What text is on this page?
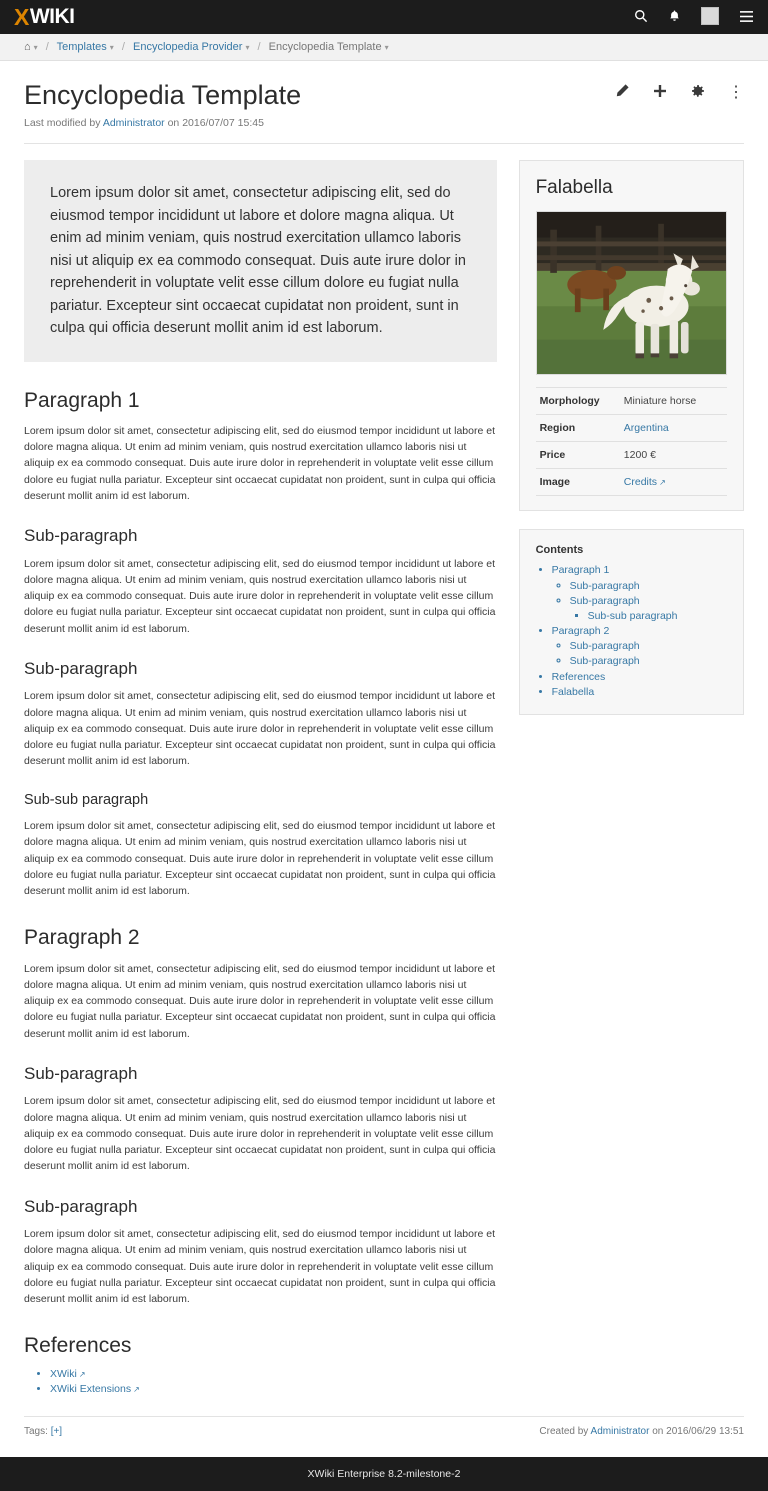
X WIKI
⌂ ▾ / Templates ▾ / Encyclopedia Provider ▾ / Encyclopedia Template ▾
Encyclopedia Template
Last modified by Administrator on 2016/07/07 15:45
⋮
Lorem ipsum dolor sit amet, consectetur adipiscing elit, sed do eiusmod tempor incididunt ut labore et dolore magna aliqua. Ut enim ad minim veniam, quis nostrud exercitation ullamco laboris nisi ut aliquip ex ea commodo consequat. Duis aute irure dolor in reprehenderit in voluptate velit esse cillum dolore eu fugiat nulla pariatur. Excepteur sint occaecat cupidatat non proident, sunt in culpa qui officia deserunt mollit anim id est laborum.
Paragraph 1

Lorem ipsum dolor sit amet, consectetur adipiscing elit, sed do eiusmod tempor incididunt ut labore et dolore magna aliqua. Ut enim ad minim veniam, quis nostrud exercitation ullamco laboris nisi ut aliquip ex ea commodo consequat. Duis aute irure dolor in reprehenderit in voluptate velit esse cillum dolore eu fugiat nulla pariatur. Excepteur sint occaecat cupidatat non proident, sunt in culpa qui officia deserunt mollit anim id est laborum.

Sub-paragraph

Lorem ipsum dolor sit amet, consectetur adipiscing elit, sed do eiusmod tempor incididunt ut labore et dolore magna aliqua. Ut enim ad minim veniam, quis nostrud exercitation ullamco laboris nisi ut aliquip ex ea commodo consequat. Duis aute irure dolor in reprehenderit in voluptate velit esse cillum dolore eu fugiat nulla pariatur. Excepteur sint occaecat cupidatat non proident, sunt in culpa qui officia deserunt mollit anim id est laborum.

Sub-paragraph

Lorem ipsum dolor sit amet, consectetur adipiscing elit, sed do eiusmod tempor incididunt ut labore et dolore magna aliqua. Ut enim ad minim veniam, quis nostrud exercitation ullamco laboris nisi ut aliquip ex ea commodo consequat. Duis aute irure dolor in reprehenderit in voluptate velit esse cillum dolore eu fugiat nulla pariatur. Excepteur sint occaecat cupidatat non proident, sunt in culpa qui officia deserunt mollit anim id est laborum.

Sub-sub paragraph

Lorem ipsum dolor sit amet, consectetur adipiscing elit, sed do eiusmod tempor incididunt ut labore et dolore magna aliqua. Ut enim ad minim veniam, quis nostrud exercitation ullamco laboris nisi ut aliquip ex ea commodo consequat. Duis aute irure dolor in reprehenderit in voluptate velit esse cillum dolore eu fugiat nulla pariatur. Excepteur sint occaecat cupidatat non proident, sunt in culpa qui officia deserunt mollit anim id est laborum.

Paragraph 2

Lorem ipsum dolor sit amet, consectetur adipiscing elit, sed do eiusmod tempor incididunt ut labore et dolore magna aliqua. Ut enim ad minim veniam, quis nostrud exercitation ullamco laboris nisi ut aliquip ex ea commodo consequat. Duis aute irure dolor in reprehenderit in voluptate velit esse cillum dolore eu fugiat nulla pariatur. Excepteur sint occaecat cupidatat non proident, sunt in culpa qui officia deserunt mollit anim id est laborum.

Sub-paragraph

Lorem ipsum dolor sit amet, consectetur adipiscing elit, sed do eiusmod tempor incididunt ut labore et dolore magna aliqua. Ut enim ad minim veniam, quis nostrud exercitation ullamco laboris nisi ut aliquip ex ea commodo consequat. Duis aute irure dolor in reprehenderit in voluptate velit esse cillum dolore eu fugiat nulla pariatur. Excepteur sint occaecat cupidatat non proident, sunt in culpa qui officia deserunt mollit anim id est laborum.

Sub-paragraph

Lorem ipsum dolor sit amet, consectetur adipiscing elit, sed do eiusmod tempor incididunt ut labore et dolore magna aliqua. Ut enim ad minim veniam, quis nostrud exercitation ullamco laboris nisi ut aliquip ex ea commodo consequat. Duis aute irure dolor in reprehenderit in voluptate velit esse cillum dolore eu fugiat nulla pariatur. Excepteur sint occaecat cupidatat non proident, sunt in culpa qui officia deserunt mollit anim id est laborum.

References
• XWiki ↗
• XWiki Extensions ↗
Falabella
Morphology	Miniature horse
Region	Argentina
Price	1200 €
Image	Credits ↗
Contents
• Paragraph 1
◦ Sub-paragraph
◦ Sub-paragraph
▪ Sub-sub paragraph
• Paragraph 2
◦ Sub-paragraph
◦ Sub-paragraph
• References
• Falabella
Tags: [+]	Created by Administrator on 2016/06/29 13:51
XWiki Enterprise 8.2-milestone-2
